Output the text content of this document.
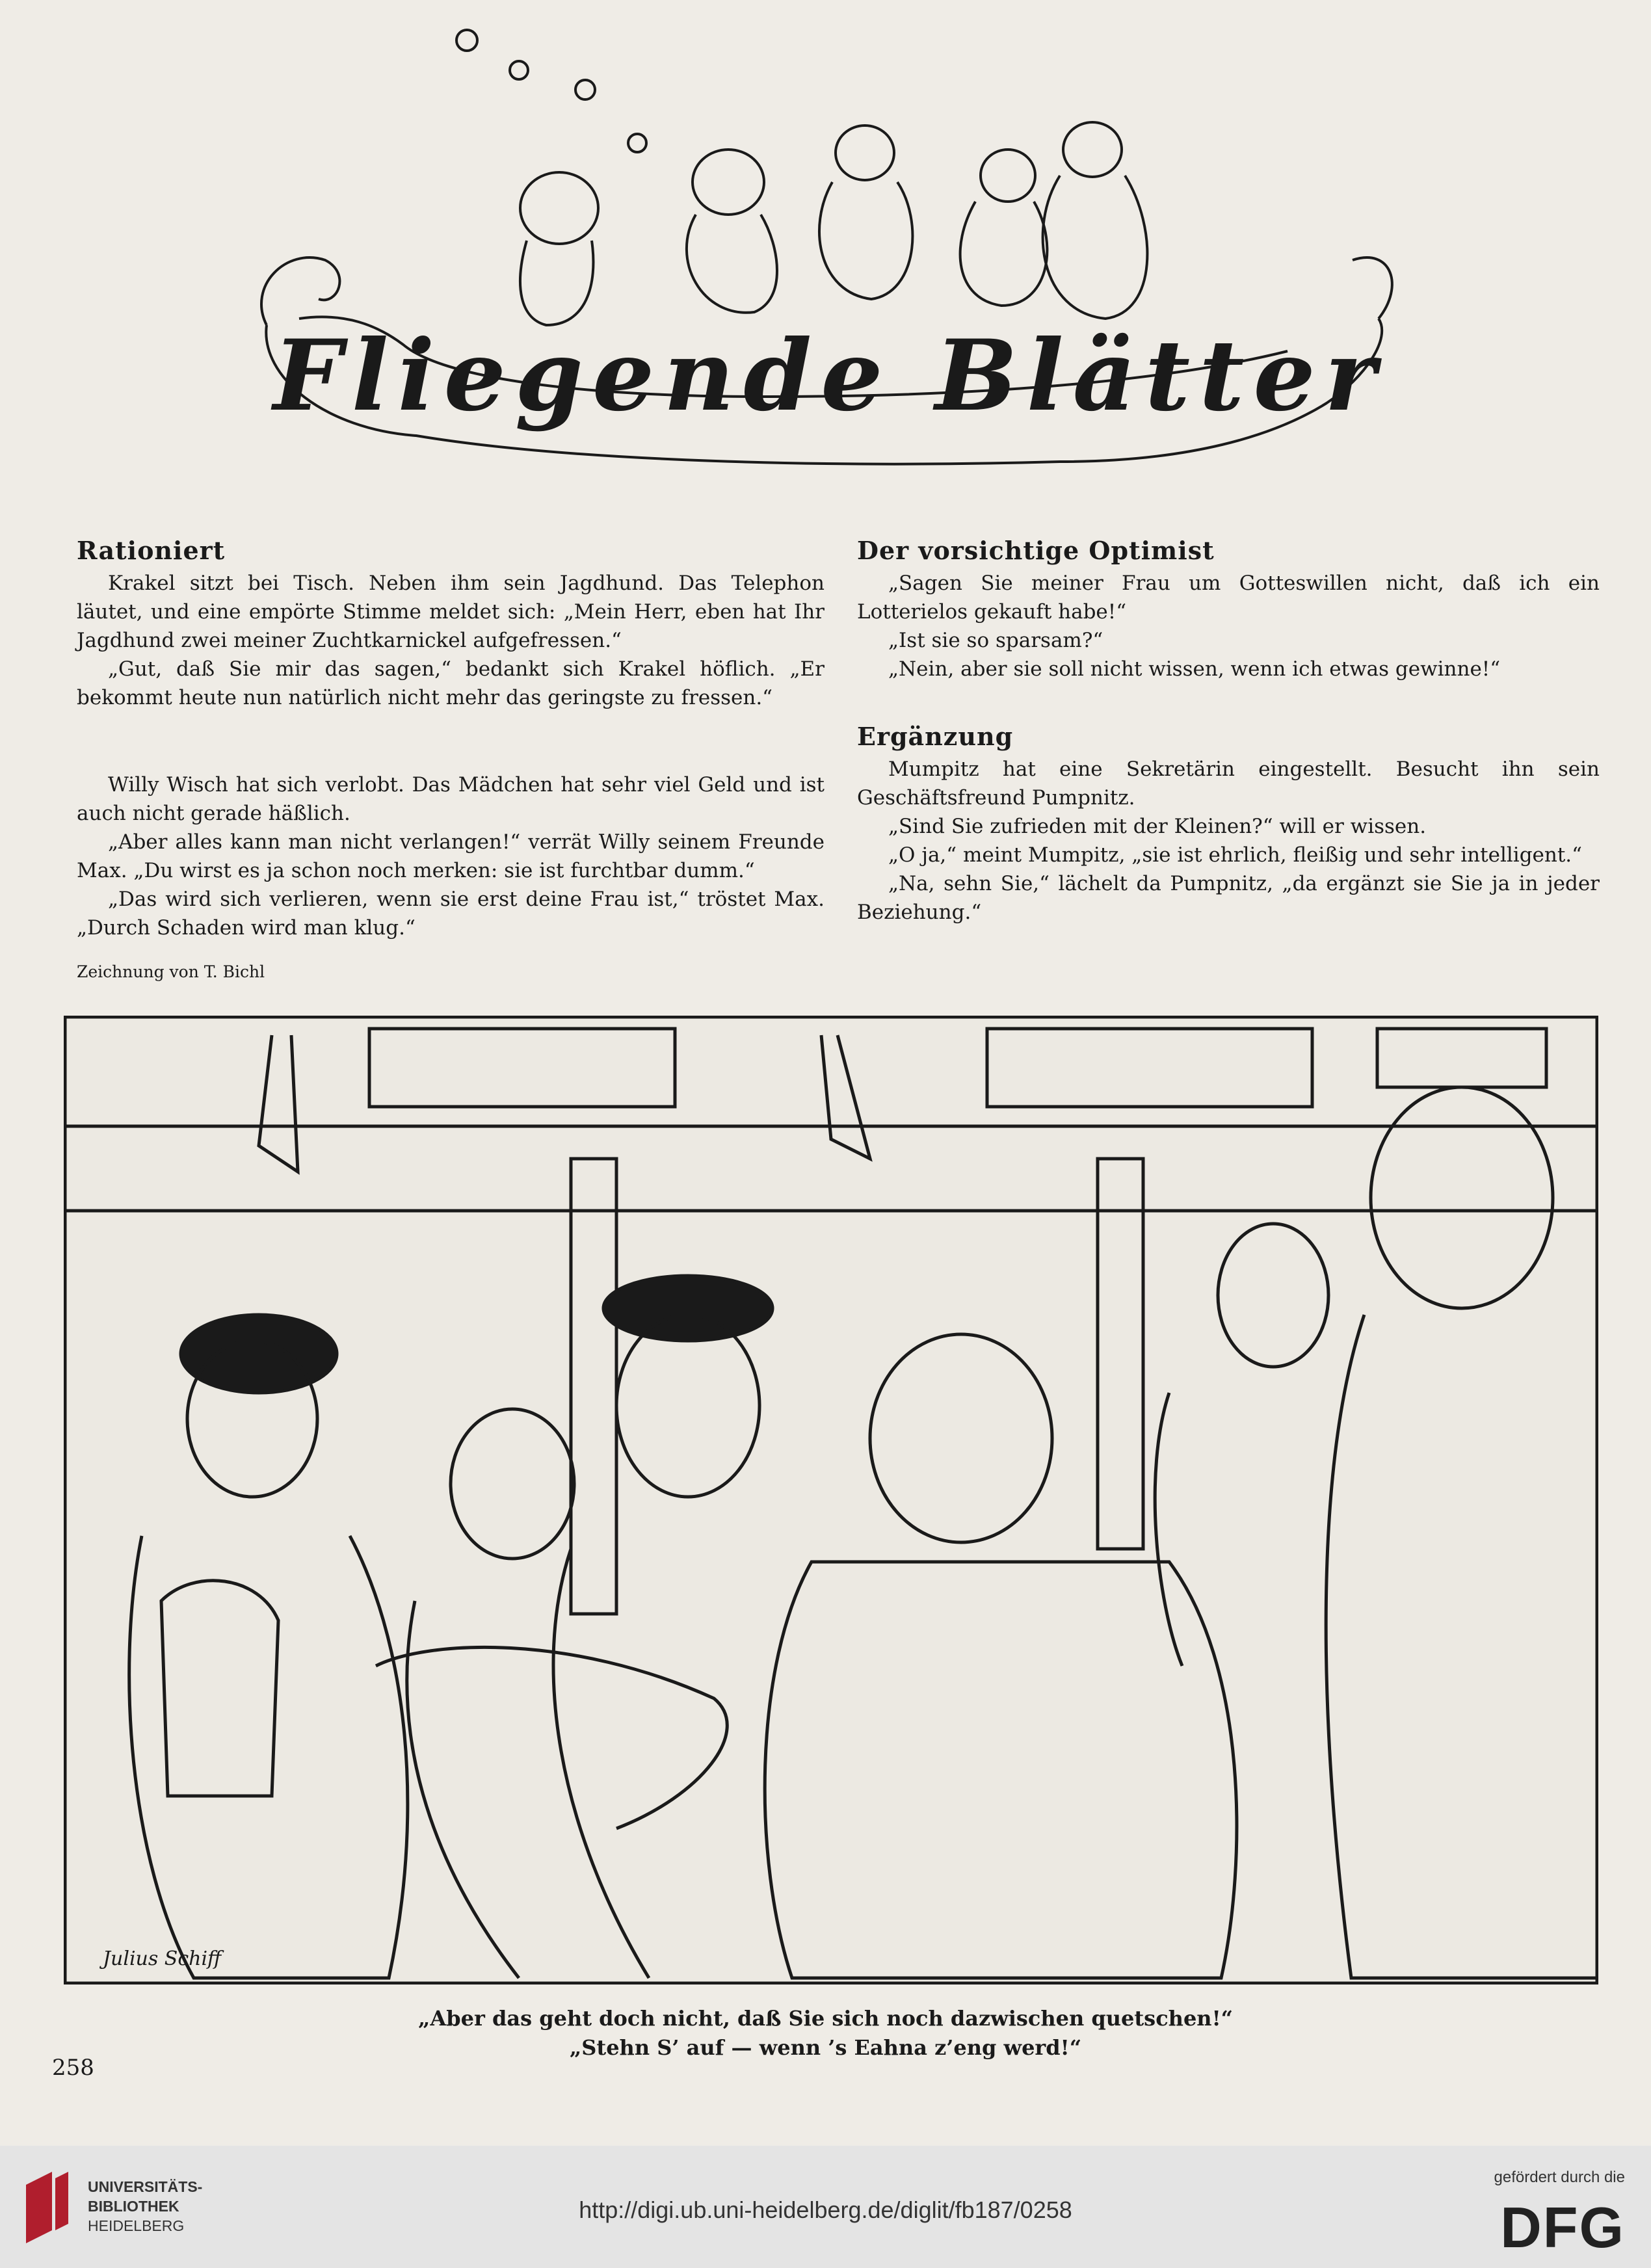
Fliegende Blätter
Rationiert

Krakel sitzt bei Tisch. Neben ihm sein Jagdhund. Das Telephon läutet, und eine empörte Stimme meldet sich: „Mein Herr, eben hat Ihr Jagdhund zwei meiner Zuchtkarnickel aufgefressen.“

„Gut, daß Sie mir das sagen,“ bedankt sich Krakel höflich. „Er bekommt heute nun natürlich nicht mehr das geringste zu fressen.“

Willy Wisch hat sich verlobt. Das Mädchen hat sehr viel Geld und ist auch nicht gerade häßlich.

„Aber alles kann man nicht verlangen!“ verrät Willy seinem Freunde Max. „Du wirst es ja schon noch merken: sie ist furchtbar dumm.“

„Das wird sich verlieren, wenn sie erst deine Frau ist,“ tröstet Max. „Durch Schaden wird man klug.“

Zeichnung von T. Bichl
Der vorsichtige Optimist

„Sagen Sie meiner Frau um Gotteswillen nicht, daß ich ein Lotterielos gekauft habe!“

„Ist sie so sparsam?“

„Nein, aber sie soll nicht wissen, wenn ich etwas gewinne!“

Ergänzung

Mumpitz hat eine Sekretärin eingestellt. Besucht ihn sein Geschäftsfreund Pumpnitz.

„Sind Sie zufrieden mit der Kleinen?“ will er wissen.

„O ja,“ meint Mumpitz, „sie ist ehrlich, fleißig und sehr intelligent.“

„Na, sehn Sie,“ lächelt da Pumpnitz, „da ergänzt sie Sie ja in jeder Beziehung.“

Julius Schiff
„Aber das geht doch nicht, daß Sie sich noch dazwischen quetschen!“
„Stehn S’ auf — wenn ’s Eahna z’eng werd!“
258
UNIVERSITÄTS-
BIBLIOTHEK
HEIDELBERG
http://digi.ub.uni-heidelberg.de/diglit/fb187/0258
gefördert durch die
DFG
